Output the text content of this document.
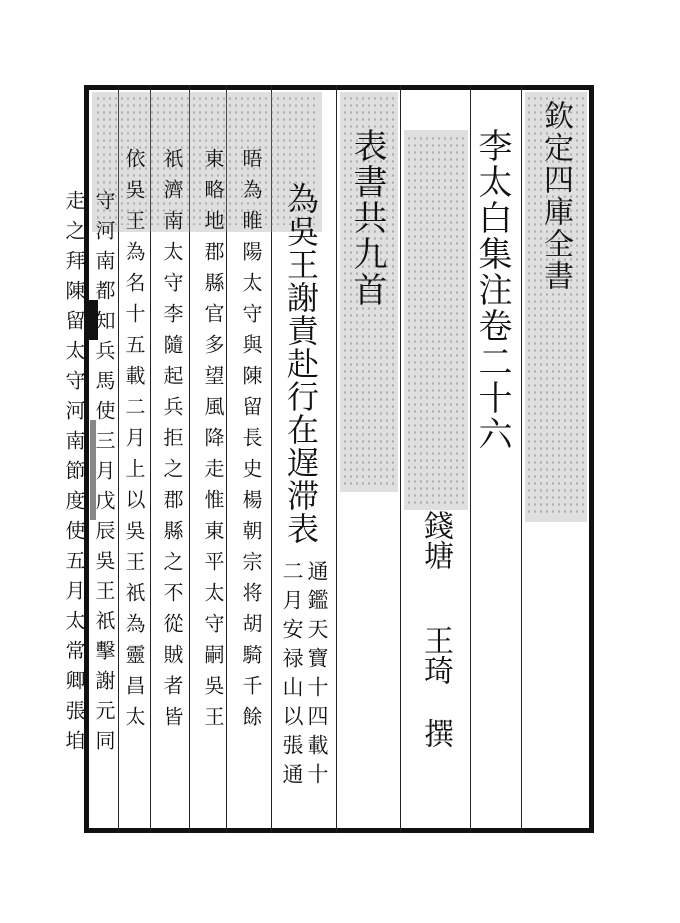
欽定四庫全書
李太白集注卷二十六
錢塘
王琦
撰
表書共九首
為吳王謝責赴行在遅滞表
通鑑天寶十四載十
二月安禄山以張通
晤為睢陽太守與陳留長史楊朝宗将胡騎千餘
東略地郡縣官多望風降走惟東平太守嗣吳王
祇濟南太守李隨起兵拒之郡縣之不從賊者皆
依吳王為名十五載二月上以吳王祇為靈昌太
守河南都知兵馬使三月戊辰吳王祇擊謝元同
走之拜陳留太守河南節度使五月太常卿張垍
